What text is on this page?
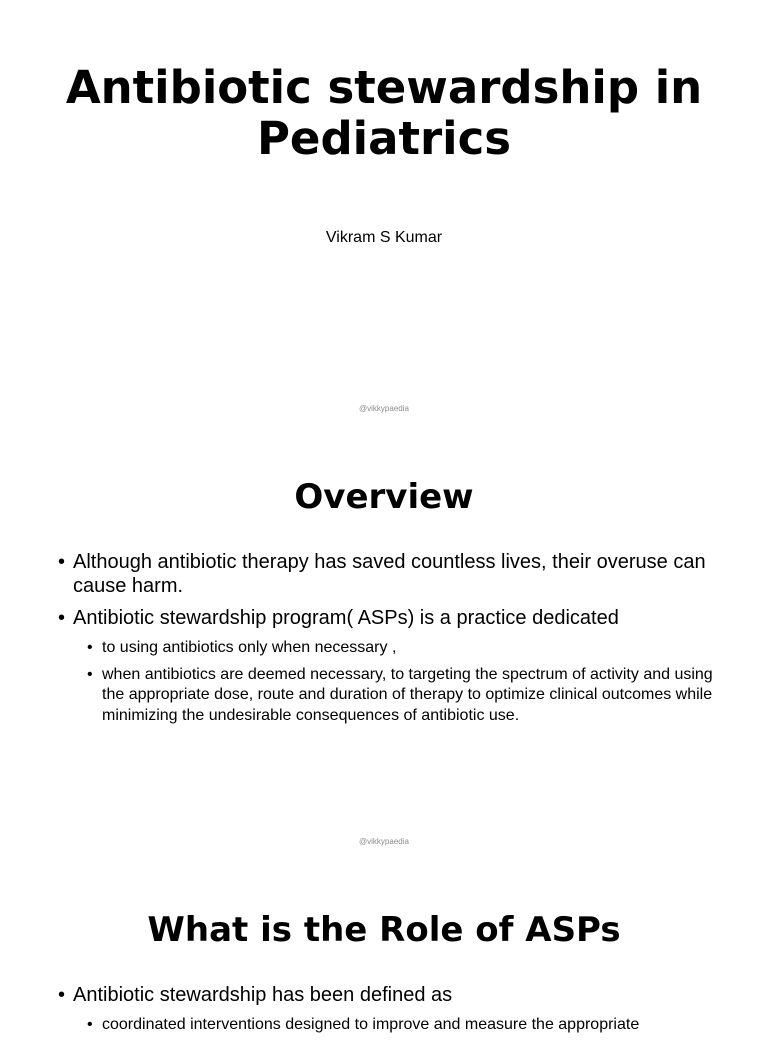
Antibiotic stewardship in Pediatrics

Vikram S Kumar

@vikkypaedia

Overview
• Although antibiotic therapy has saved countless lives, their overuse can cause harm.
• Antibiotic stewardship program( ASPs) is a practice dedicated
• to using antibiotics only when necessary ,
• when antibiotics are deemed necessary, to targeting the spectrum of activity and using the appropriate dose, route and duration of therapy to optimize clinical outcomes while minimizing the undesirable consequences of antibiotic use.

@vikkypaedia

What is the Role of ASPs
• Antibiotic stewardship has been defined as
• coordinated interventions designed to improve and measure the appropriate
